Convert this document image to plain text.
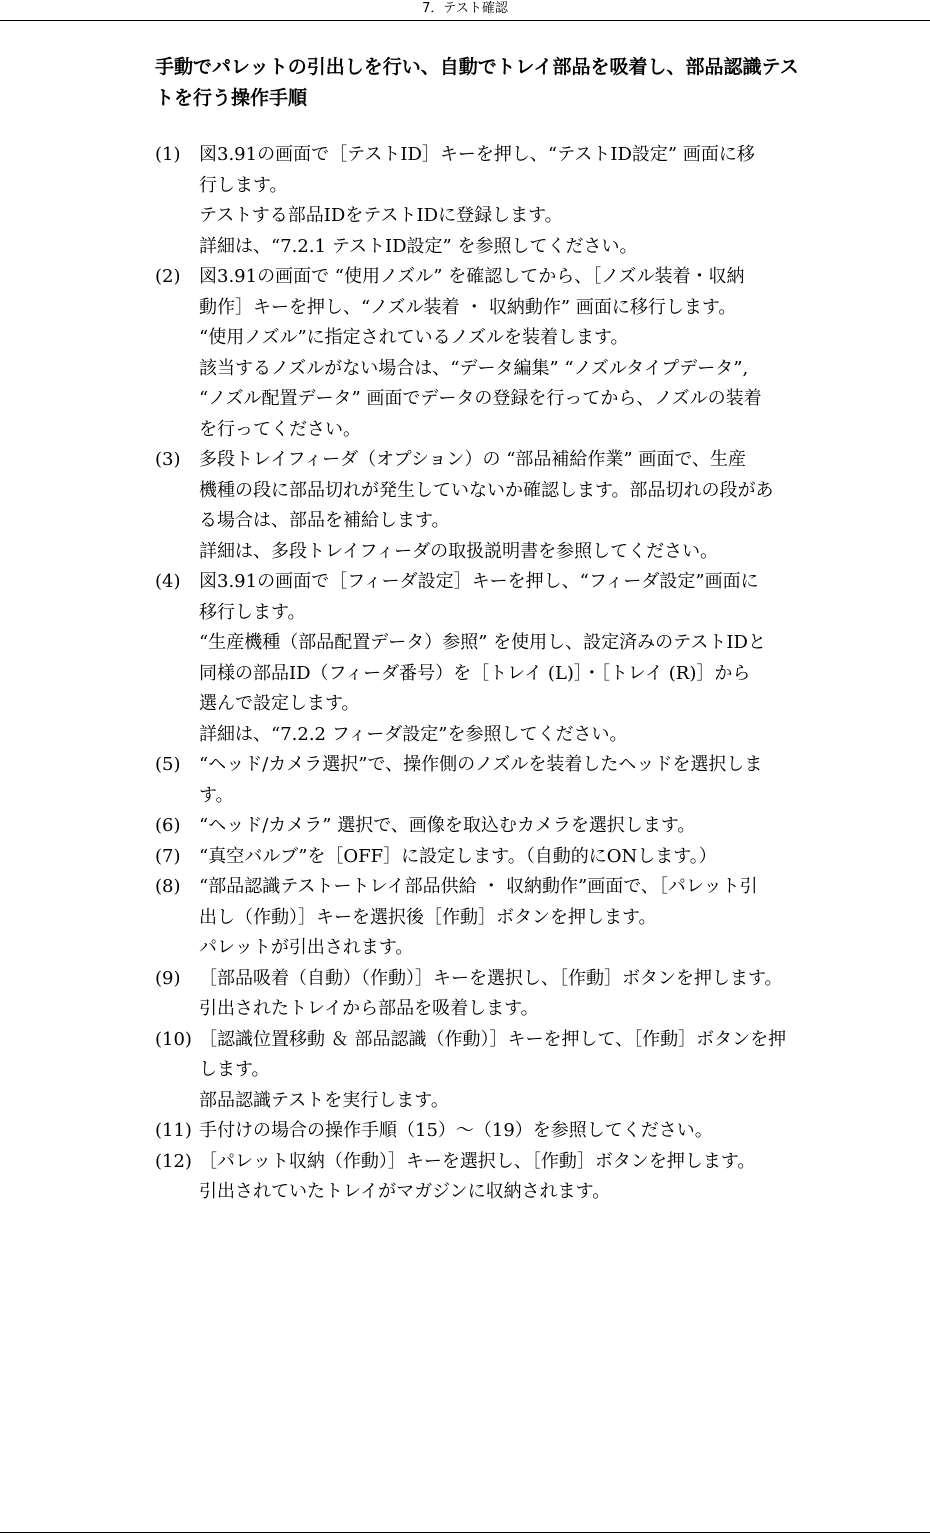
7．テスト確認
手動でパレットの引出しを行い、自動でトレイ部品を吸着し、部品認識テス
トを行う操作手順
(1) 図3.91の画面で［テストID］キーを押し、“テストID設定” 画面に移
行します。
テストする部品IDをテストIDに登録します。
詳細は、“7.2.1 テストID設定” を参照してください。
(2) 図3.91の画面で “使用ノズル” を確認してから、［ノズル装着・収納
動作］キーを押し、“ノズル装着 ・ 収納動作” 画面に移行します。
“使用ノズル”に指定されているノズルを装着します。
該当するノズルがない場合は、“データ編集” “ノズルタイプデータ”,
“ノズル配置データ” 画面でデータの登録を行ってから、ノズルの装着
を行ってください。
(3) 多段トレイフィーダ（オプション）の “部品補給作業” 画面で、生産
機種の段に部品切れが発生していないか確認します。部品切れの段があ
る場合は、部品を補給します。
詳細は、多段トレイフィーダの取扱説明書を参照してください。
(4) 図3.91の画面で［フィーダ設定］キーを押し、“フィーダ設定”画面に
移行します。
“生産機種（部品配置データ）参照” を使用し、設定済みのテストIDと
同様の部品ID（フィーダ番号）を［トレイ (L)］・［トレイ (R)］から
選んで設定します。
詳細は、“7.2.2 フィーダ設定”を参照してください。
(5) “ヘッド/カメラ選択”で、操作側のノズルを装着したヘッドを選択しま
す。
(6) “ヘッド/カメラ” 選択で、画像を取込むカメラを選択します。
(7) “真空バルブ”を［OFF］に設定します。（自動的にONします。）
(8) “部品認識テストートレイ部品供給 ・ 収納動作”画面で、［パレット引
出し（作動）］キーを選択後［作動］ボタンを押します。
パレットが引出されます。
(9) ［部品吸着（自動）（作動）］キーを選択し、［作動］ボタンを押します。
引出されたトレイから部品を吸着します。
(10) ［認識位置移動 ＆ 部品認識（作動）］キーを押して、［作動］ボタンを押
します。
部品認識テストを実行します。
(11) 手付けの場合の操作手順（15）～（19）を参照してください。
(12) ［パレット収納（作動）］キーを選択し、［作動］ボタンを押します。
引出されていたトレイがマガジンに収納されます。
